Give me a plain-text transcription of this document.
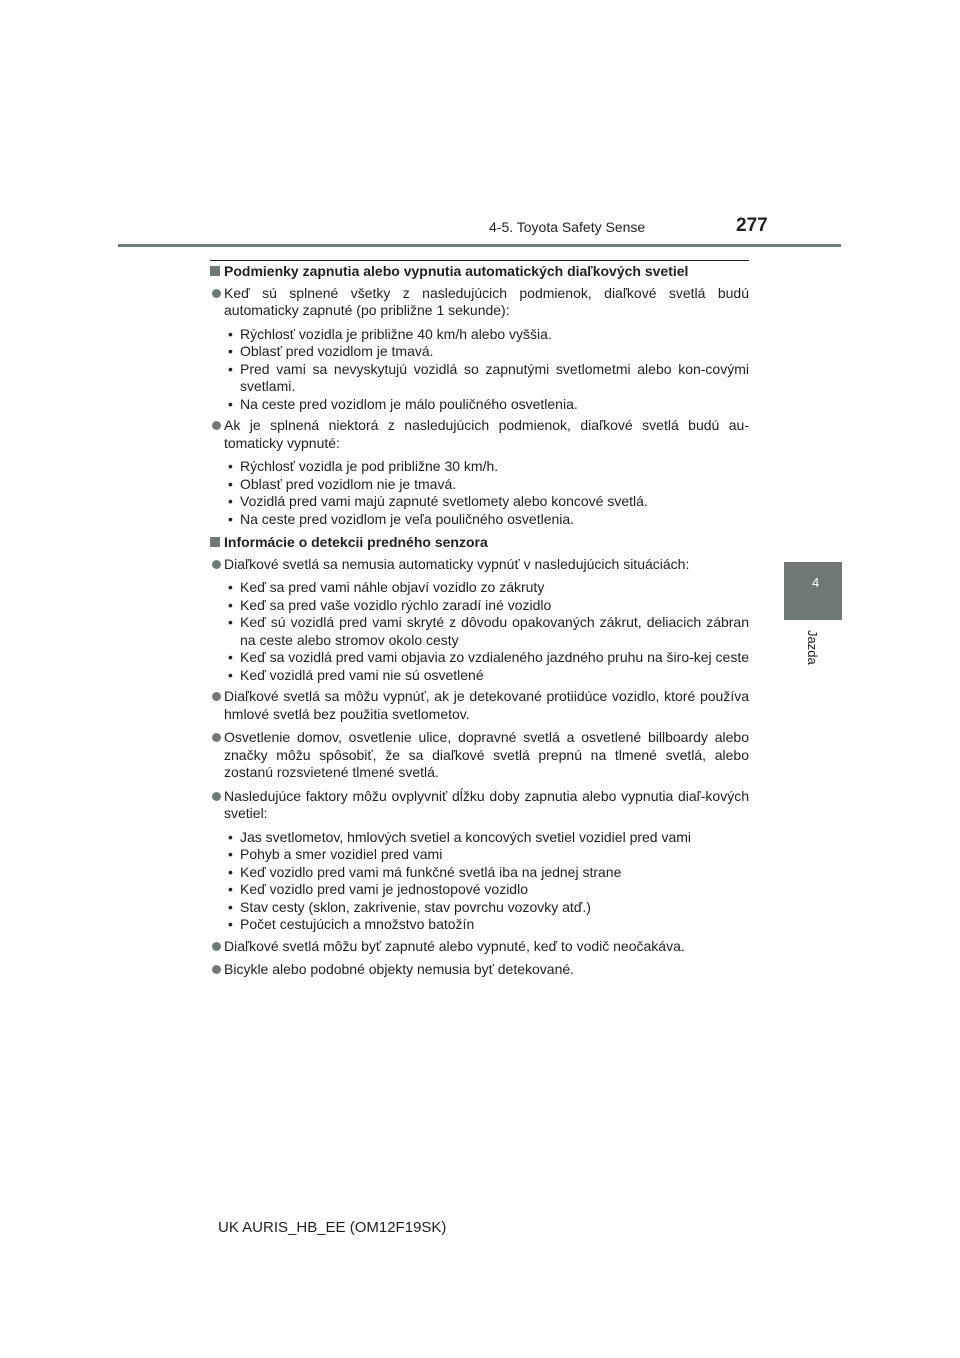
4-5. Toyota Safety Sense	277
4
Jazda
Podmienky zapnutia alebo vypnutia automatických diaľkových svetiel
Keď sú splnené všetky z nasledujúcich podmienok, diaľkové svetlá budú automaticky zapnuté (po približne 1 sekunde):
• Rýchlosť vozidla je približne 40 km/h alebo vyššia.
• Oblasť pred vozidlom je tmavá.
• Pred vami sa nevyskytujú vozidlá so zapnutými svetlometmi alebo kon-covými svetlami.
• Na ceste pred vozidlom je málo pouličného osvetlenia.
Ak je splnená niektorá z nasledujúcich podmienok, diaľkové svetlá budú au-tomaticky vypnuté:
• Rýchlosť vozidla je pod približne 30 km/h.
• Oblasť pred vozidlom nie je tmavá.
• Vozidlá pred vami majú zapnuté svetlomety alebo koncové svetlá.
• Na ceste pred vozidlom je veľa pouličného osvetlenia.
Informácie o detekcii predného senzora
Diaľkové svetlá sa nemusia automaticky vypnúť v nasledujúcich situáciách:
• Keď sa pred vami náhle objaví vozidlo zo zákruty
• Keď sa pred vaše vozidlo rýchlo zaradí iné vozidlo
• Keď sú vozidlá pred vami skryté z dôvodu opakovaných zákrut, deliacich zábran na ceste alebo stromov okolo cesty
• Keď sa vozidlá pred vami objavia zo vzdialeného jazdného pruhu na širo-kej ceste
• Keď vozidlá pred vami nie sú osvetlené
Diaľkové svetlá sa môžu vypnúť, ak je detekované protiidúce vozidlo, ktoré používa hmlové svetlá bez použitia svetlometov.
Osvetlenie domov, osvetlenie ulice, dopravné svetlá a osvetlené billboardy alebo značky môžu spôsobiť, že sa diaľkové svetlá prepnú na tlmené svetlá, alebo zostanú rozsvietené tlmené svetlá.
Nasledujúce faktory môžu ovplyvniť dĺžku doby zapnutia alebo vypnutia diaľ-kových svetiel:
• Jas svetlometov, hmlových svetiel a koncových svetiel vozidiel pred vami
• Pohyb a smer vozidiel pred vami
• Keď vozidlo pred vami má funkčné svetlá iba na jednej strane
• Keď vozidlo pred vami je jednostopové vozidlo
• Stav cesty (sklon, zakrivenie, stav povrchu vozovky atď.)
• Počet cestujúcich a množstvo batožín
Diaľkové svetlá môžu byť zapnuté alebo vypnuté, keď to vodič neočakáva.
Bicykle alebo podobné objekty nemusia byť detekované.
UK AURIS_HB_EE (OM12F19SK)
